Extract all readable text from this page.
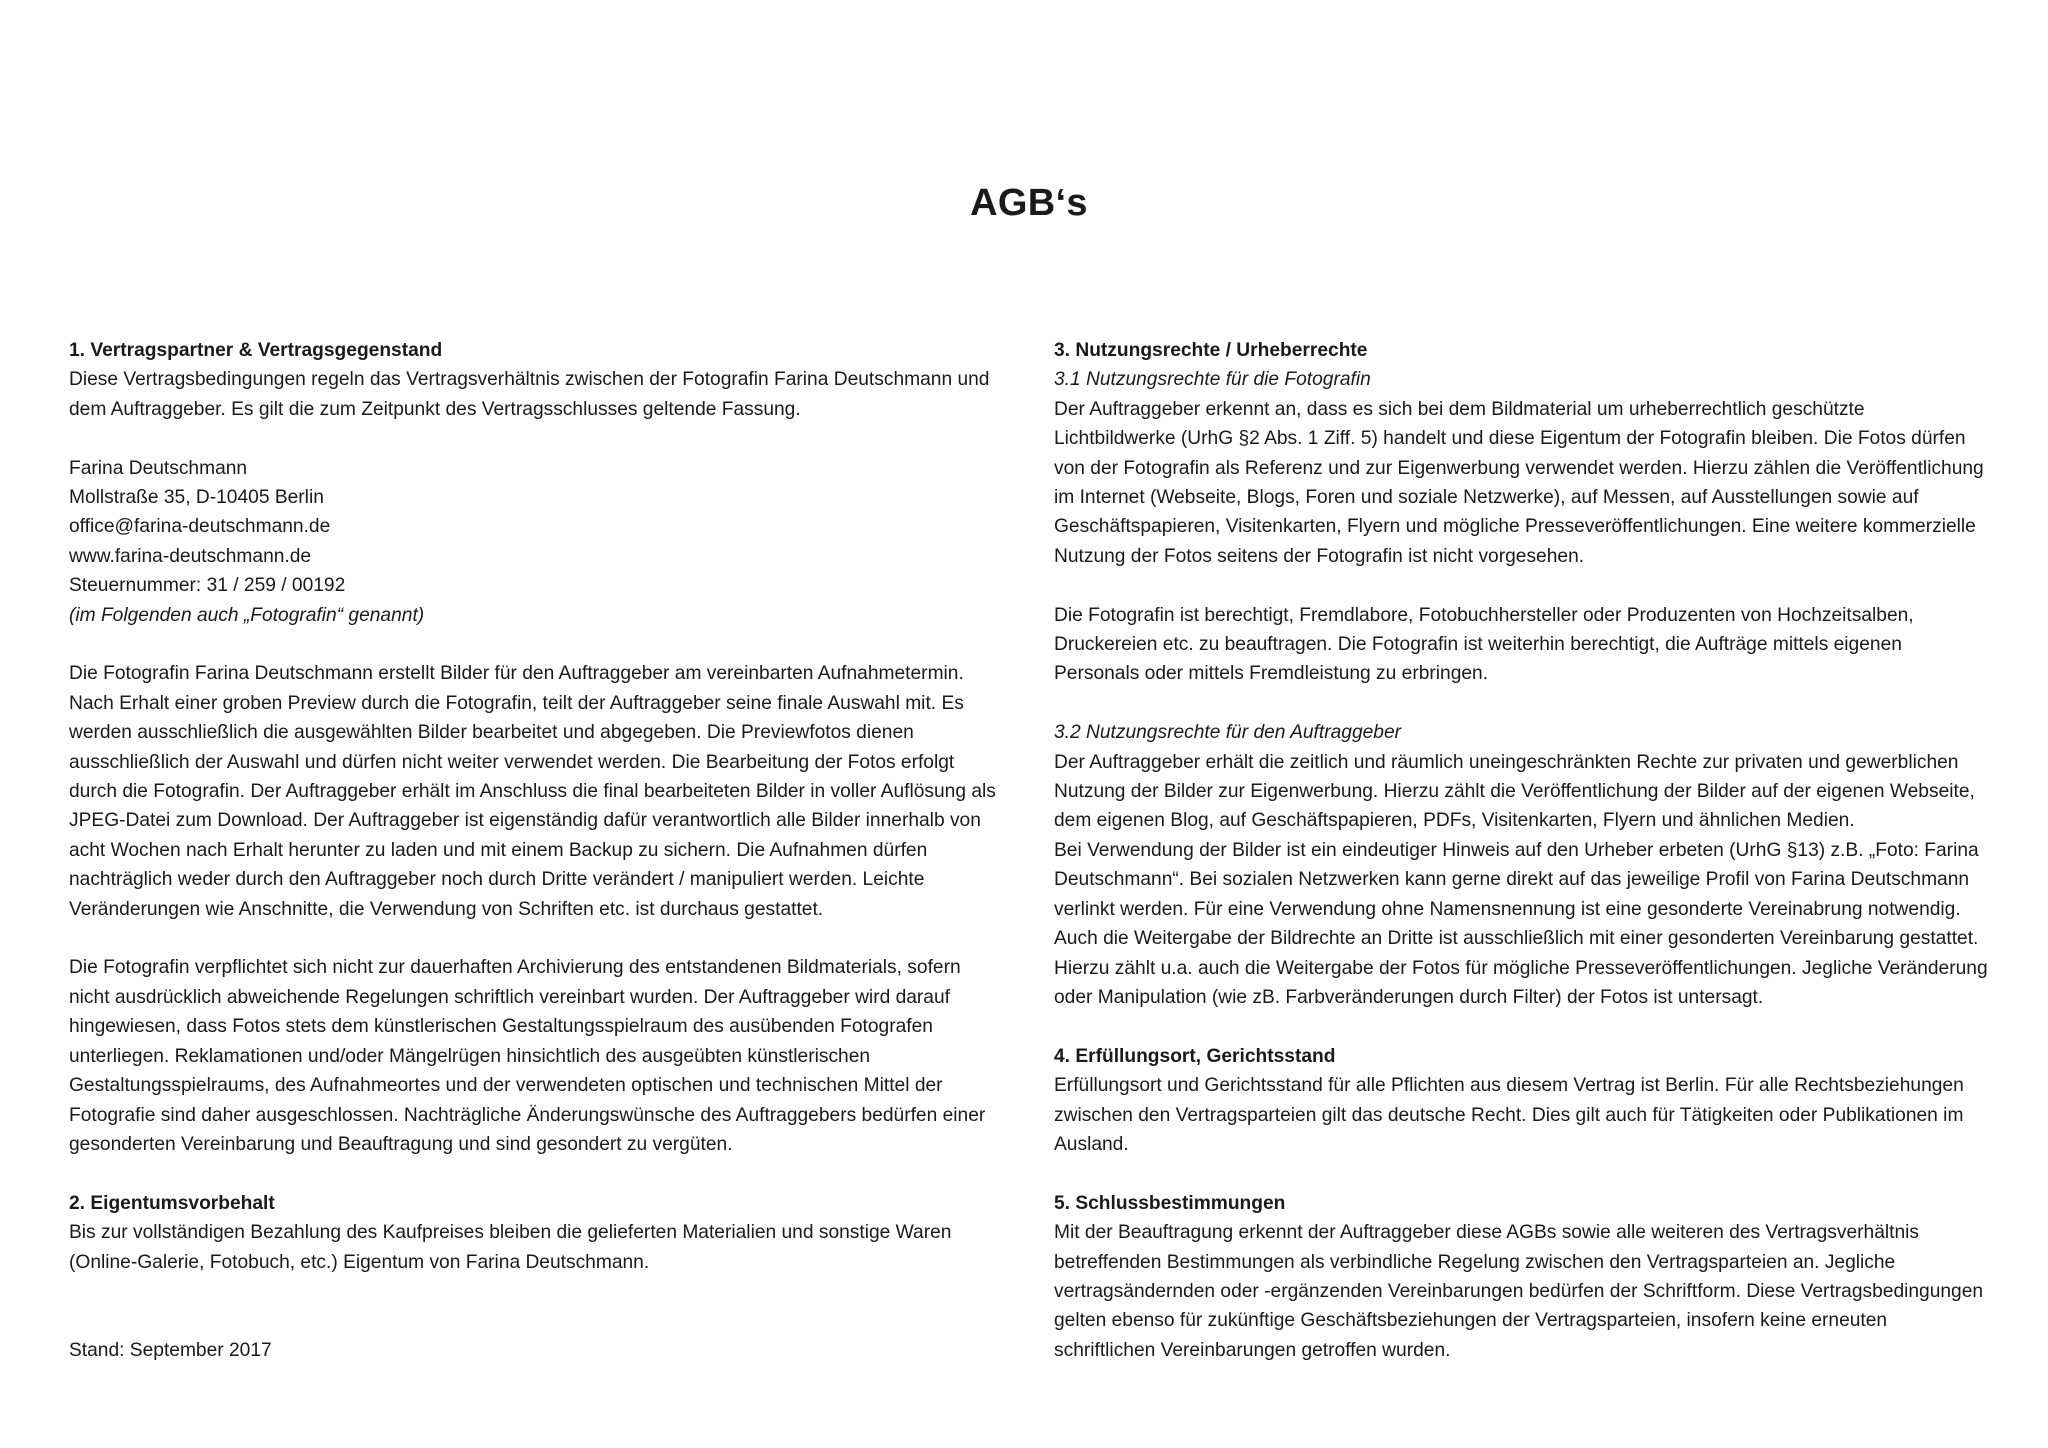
AGB‘s
1. Vertragspartner & Vertragsgegenstand
Diese Vertragsbedingungen regeln das Vertragsverhältnis zwischen der Fotografin Farina Deutschmann und
dem Auftraggeber. Es gilt die zum Zeitpunkt des Vertragsschlusses geltende Fassung.
Farina Deutschmann
Mollstraße 35, D-10405 Berlin
office@farina-deutschmann.de
www.farina-deutschmann.de
Steuernummer: 31 / 259 / 00192
(im Folgenden auch „Fotografin“ genannt)
Die Fotografin Farina Deutschmann erstellt Bilder für den Auftraggeber am vereinbarten Aufnahmetermin.
Nach Erhalt einer groben Preview durch die Fotografin, teilt der Auftraggeber seine finale Auswahl mit. Es
werden ausschließlich die ausgewählten Bilder bearbeitet und abgegeben. Die Previewfotos dienen
ausschließlich der Auswahl und dürfen nicht weiter verwendet werden. Die Bearbeitung der Fotos erfolgt
durch die Fotografin. Der Auftraggeber erhält im Anschluss die final bearbeiteten Bilder in voller Auflösung als
JPEG-Datei zum Download. Der Auftraggeber ist eigenständig dafür verantwortlich alle Bilder innerhalb von
acht Wochen nach Erhalt herunter zu laden und mit einem Backup zu sichern. Die Aufnahmen dürfen
nachträglich weder durch den Auftraggeber noch durch Dritte verändert / manipuliert werden. Leichte
Veränderungen wie Anschnitte, die Verwendung von Schriften etc. ist durchaus gestattet.
Die Fotografin verpflichtet sich nicht zur dauerhaften Archivierung des entstandenen Bildmaterials, sofern
nicht ausdrücklich abweichende Regelungen schriftlich vereinbart wurden. Der Auftraggeber wird darauf
hingewiesen, dass Fotos stets dem künstlerischen Gestaltungsspielraum des ausübenden Fotografen
unterliegen. Reklamationen und/oder Mängelrügen hinsichtlich des ausgeübten künstlerischen
Gestaltungsspielraums, des Aufnahmeortes und der verwendeten optischen und technischen Mittel der
Fotografie sind daher ausgeschlossen. Nachträgliche Änderungswünsche des Auftraggebers bedürfen einer
gesonderten Vereinbarung und Beauftragung und sind gesondert zu vergüten.
2. Eigentumsvorbehalt
Bis zur vollständigen Bezahlung des Kaufpreises bleiben die gelieferten Materialien und sonstige Waren
(Online-Galerie, Fotobuch, etc.) Eigentum von Farina Deutschmann.
Stand: September 2017
3. Nutzungsrechte / Urheberrechte
3.1 Nutzungsrechte für die Fotografin
Der Auftraggeber erkennt an, dass es sich bei dem Bildmaterial um urheberrechtlich geschützte
Lichtbildwerke (UrhG §2 Abs. 1 Ziff. 5) handelt und diese Eigentum der Fotografin bleiben. Die Fotos dürfen
von der Fotografin als Referenz und zur Eigenwerbung verwendet werden. Hierzu zählen die Veröffentlichung
im Internet (Webseite, Blogs, Foren und soziale Netzwerke), auf Messen, auf Ausstellungen sowie auf
Geschäftspapieren, Visitenkarten, Flyern und mögliche Presseveröffentlichungen. Eine weitere kommerzielle
Nutzung der Fotos seitens der Fotografin ist nicht vorgesehen.
Die Fotografin ist berechtigt, Fremdlabore, Fotobuchhersteller oder Produzenten von Hochzeitsalben,
Druckereien etc. zu beauftragen. Die Fotografin ist weiterhin berechtigt, die Aufträge mittels eigenen
Personals oder mittels Fremdleistung zu erbringen.
3.2 Nutzungsrechte für den Auftraggeber
Der Auftraggeber erhält die zeitlich und räumlich uneingeschränkten Rechte zur privaten und gewerblichen
Nutzung der Bilder zur Eigenwerbung. Hierzu zählt die Veröffentlichung der Bilder auf der eigenen Webseite,
dem eigenen Blog, auf Geschäftspapieren, PDFs, Visitenkarten, Flyern und ähnlichen Medien.
Bei Verwendung der Bilder ist ein eindeutiger Hinweis auf den Urheber erbeten (UrhG §13) z.B. „Foto: Farina
Deutschmann“. Bei sozialen Netzwerken kann gerne direkt auf das jeweilige Profil von Farina Deutschmann
verlinkt werden. Für eine Verwendung ohne Namensnennung ist eine gesonderte Vereinabrung notwendig.
Auch die Weitergabe der Bildrechte an Dritte ist ausschließlich mit einer gesonderten Vereinbarung gestattet.
Hierzu zählt u.a. auch die Weitergabe der Fotos für mögliche Presseveröffentlichungen. Jegliche Veränderung
oder Manipulation (wie zB. Farbveränderungen durch Filter) der Fotos ist untersagt.
4. Erfüllungsort, Gerichtsstand
Erfüllungsort und Gerichtsstand für alle Pflichten aus diesem Vertrag ist Berlin. Für alle Rechtsbeziehungen
zwischen den Vertragsparteien gilt das deutsche Recht. Dies gilt auch für Tätigkeiten oder Publikationen im
Ausland.
5. Schlussbestimmungen
Mit der Beauftragung erkennt der Auftraggeber diese AGBs sowie alle weiteren des Vertragsverhältnis
betreffenden Bestimmungen als verbindliche Regelung zwischen den Vertragsparteien an. Jegliche
vertragsändernden oder -ergänzenden Vereinbarungen bedürfen der Schriftform. Diese Vertragsbedingungen
gelten ebenso für zukünftige Geschäftsbeziehungen der Vertragsparteien, insofern keine erneuten
schriftlichen Vereinbarungen getroffen wurden.
